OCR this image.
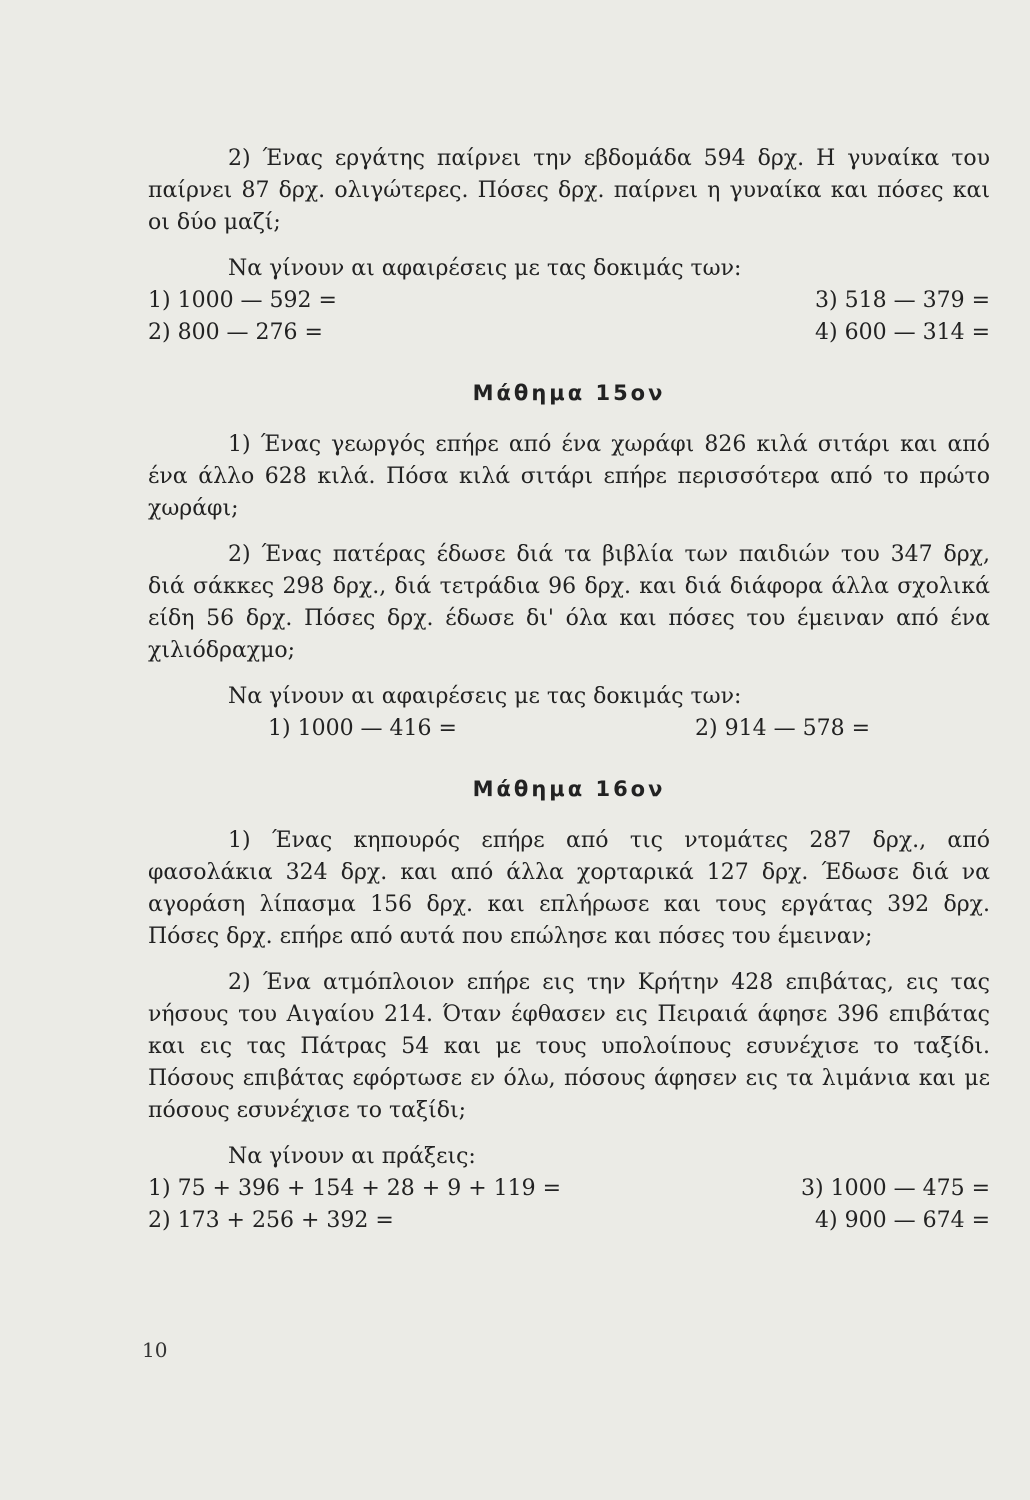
2) Ένας εργάτης παίρνει την εβδομάδα 594 δρχ. Η γυναίκα του παίρνει 87 δρχ. ολιγώτερες. Πόσες δρχ. παίρνει η γυναίκα και πόσες και οι δύο μαζί;

Να γίνουν αι αφαιρέσεις με τας δοκιμάς των:

1) 1000 — 592 =	3) 518 — 379 =
2) 800 — 276 =	4) 600 — 314 =
Μάθημα 15ον

1) Ένας γεωργός επήρε από ένα χωράφι 826 κιλά σιτάρι και από ένα άλλο 628 κιλά. Πόσα κιλά σιτάρι επήρε περισσότερα από το πρώτο χωράφι;

2) Ένας πατέρας έδωσε διά τα βιβλία των παιδιών του 347 δρχ, διά σάκκες 298 δρχ., διά τετράδια 96 δρχ. και διά διάφορα άλλα σχολικά είδη 56 δρχ. Πόσες δρχ. έδωσε δι' όλα και πόσες του έμειναν από ένα χιλιόδραχμο;

Να γίνουν αι αφαιρέσεις με τας δοκιμάς των:

1) 1000 — 416 =	2) 914 — 578 =
Μάθημα 16ον

1) Ένας κηπουρός επήρε από τις ντομάτες 287 δρχ., από φασολάκια 324 δρχ. και από άλλα χορταρικά 127 δρχ. Έδωσε διά να αγοράση λίπασμα 156 δρχ. και επλήρωσε και τους εργάτας 392 δρχ. Πόσες δρχ. επήρε από αυτά που επώλησε και πόσες του έμειναν;

2) Ένα ατμόπλοιον επήρε εις την Κρήτην 428 επιβάτας, εις τας νήσους του Αιγαίου 214. Όταν έφθασεν εις Πειραιά άφησε 396 επιβάτας και εις τας Πάτρας 54 και με τους υπολοίπους εσυνέχισε το ταξίδι. Πόσους επιβάτας εφόρτωσε εν όλω, πόσους άφησεν εις τα λιμάνια και με πόσους εσυνέχισε το ταξίδι;

Να γίνουν αι πράξεις:

1) 75 + 396 + 154 + 28 + 9 + 119 =	3) 1000 — 475 =
2) 173 + 256 + 392 =	4) 900 — 674 =
10
